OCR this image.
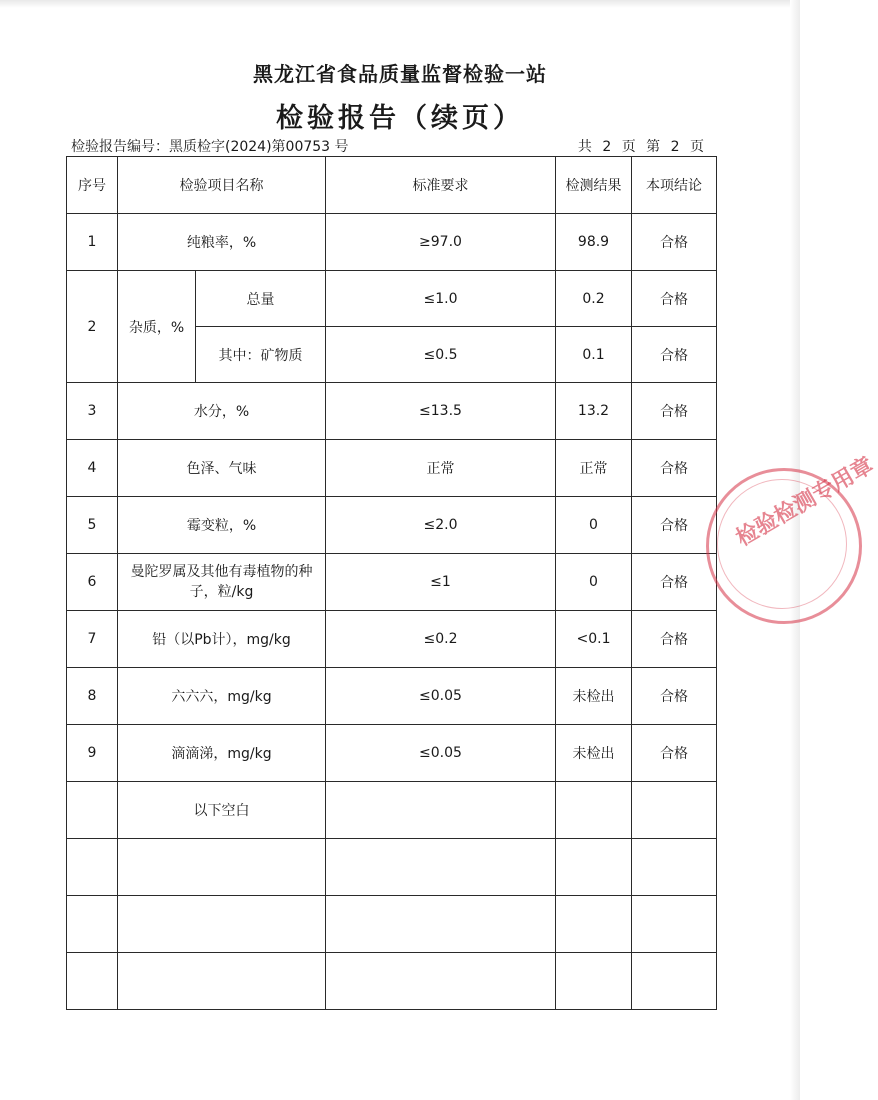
黑龙江省食品质量监督检验一站
检验报告（续页）
检验报告编号：黑质检字(2024)第00753 号	共 2 页 第 2 页
序号	检验项目名称		标准要求	检测结果	本项结论
1	纯粮率，%		≥97.0	98.9	合格
2	杂质，%	总量	≤1.0	0.2	合格
		其中：矿物质	≤0.5	0.1	合格
3	水分，%		≤13.5	13.2	合格
4	色泽、气味		正常	正常	合格
5	霉变粒，%		≤2.0	0	合格
6	曼陀罗属及其他有毒植物的种子，粒/kg		≤1	0	合格
7	铅（以Pb计），mg/kg		≤0.2	<0.1	合格
8	六六六，mg/kg		≤0.05	未检出	合格
9	滴滴涕，mg/kg		≤0.05	未检出	合格
	以下空白				

检验检测专用章
